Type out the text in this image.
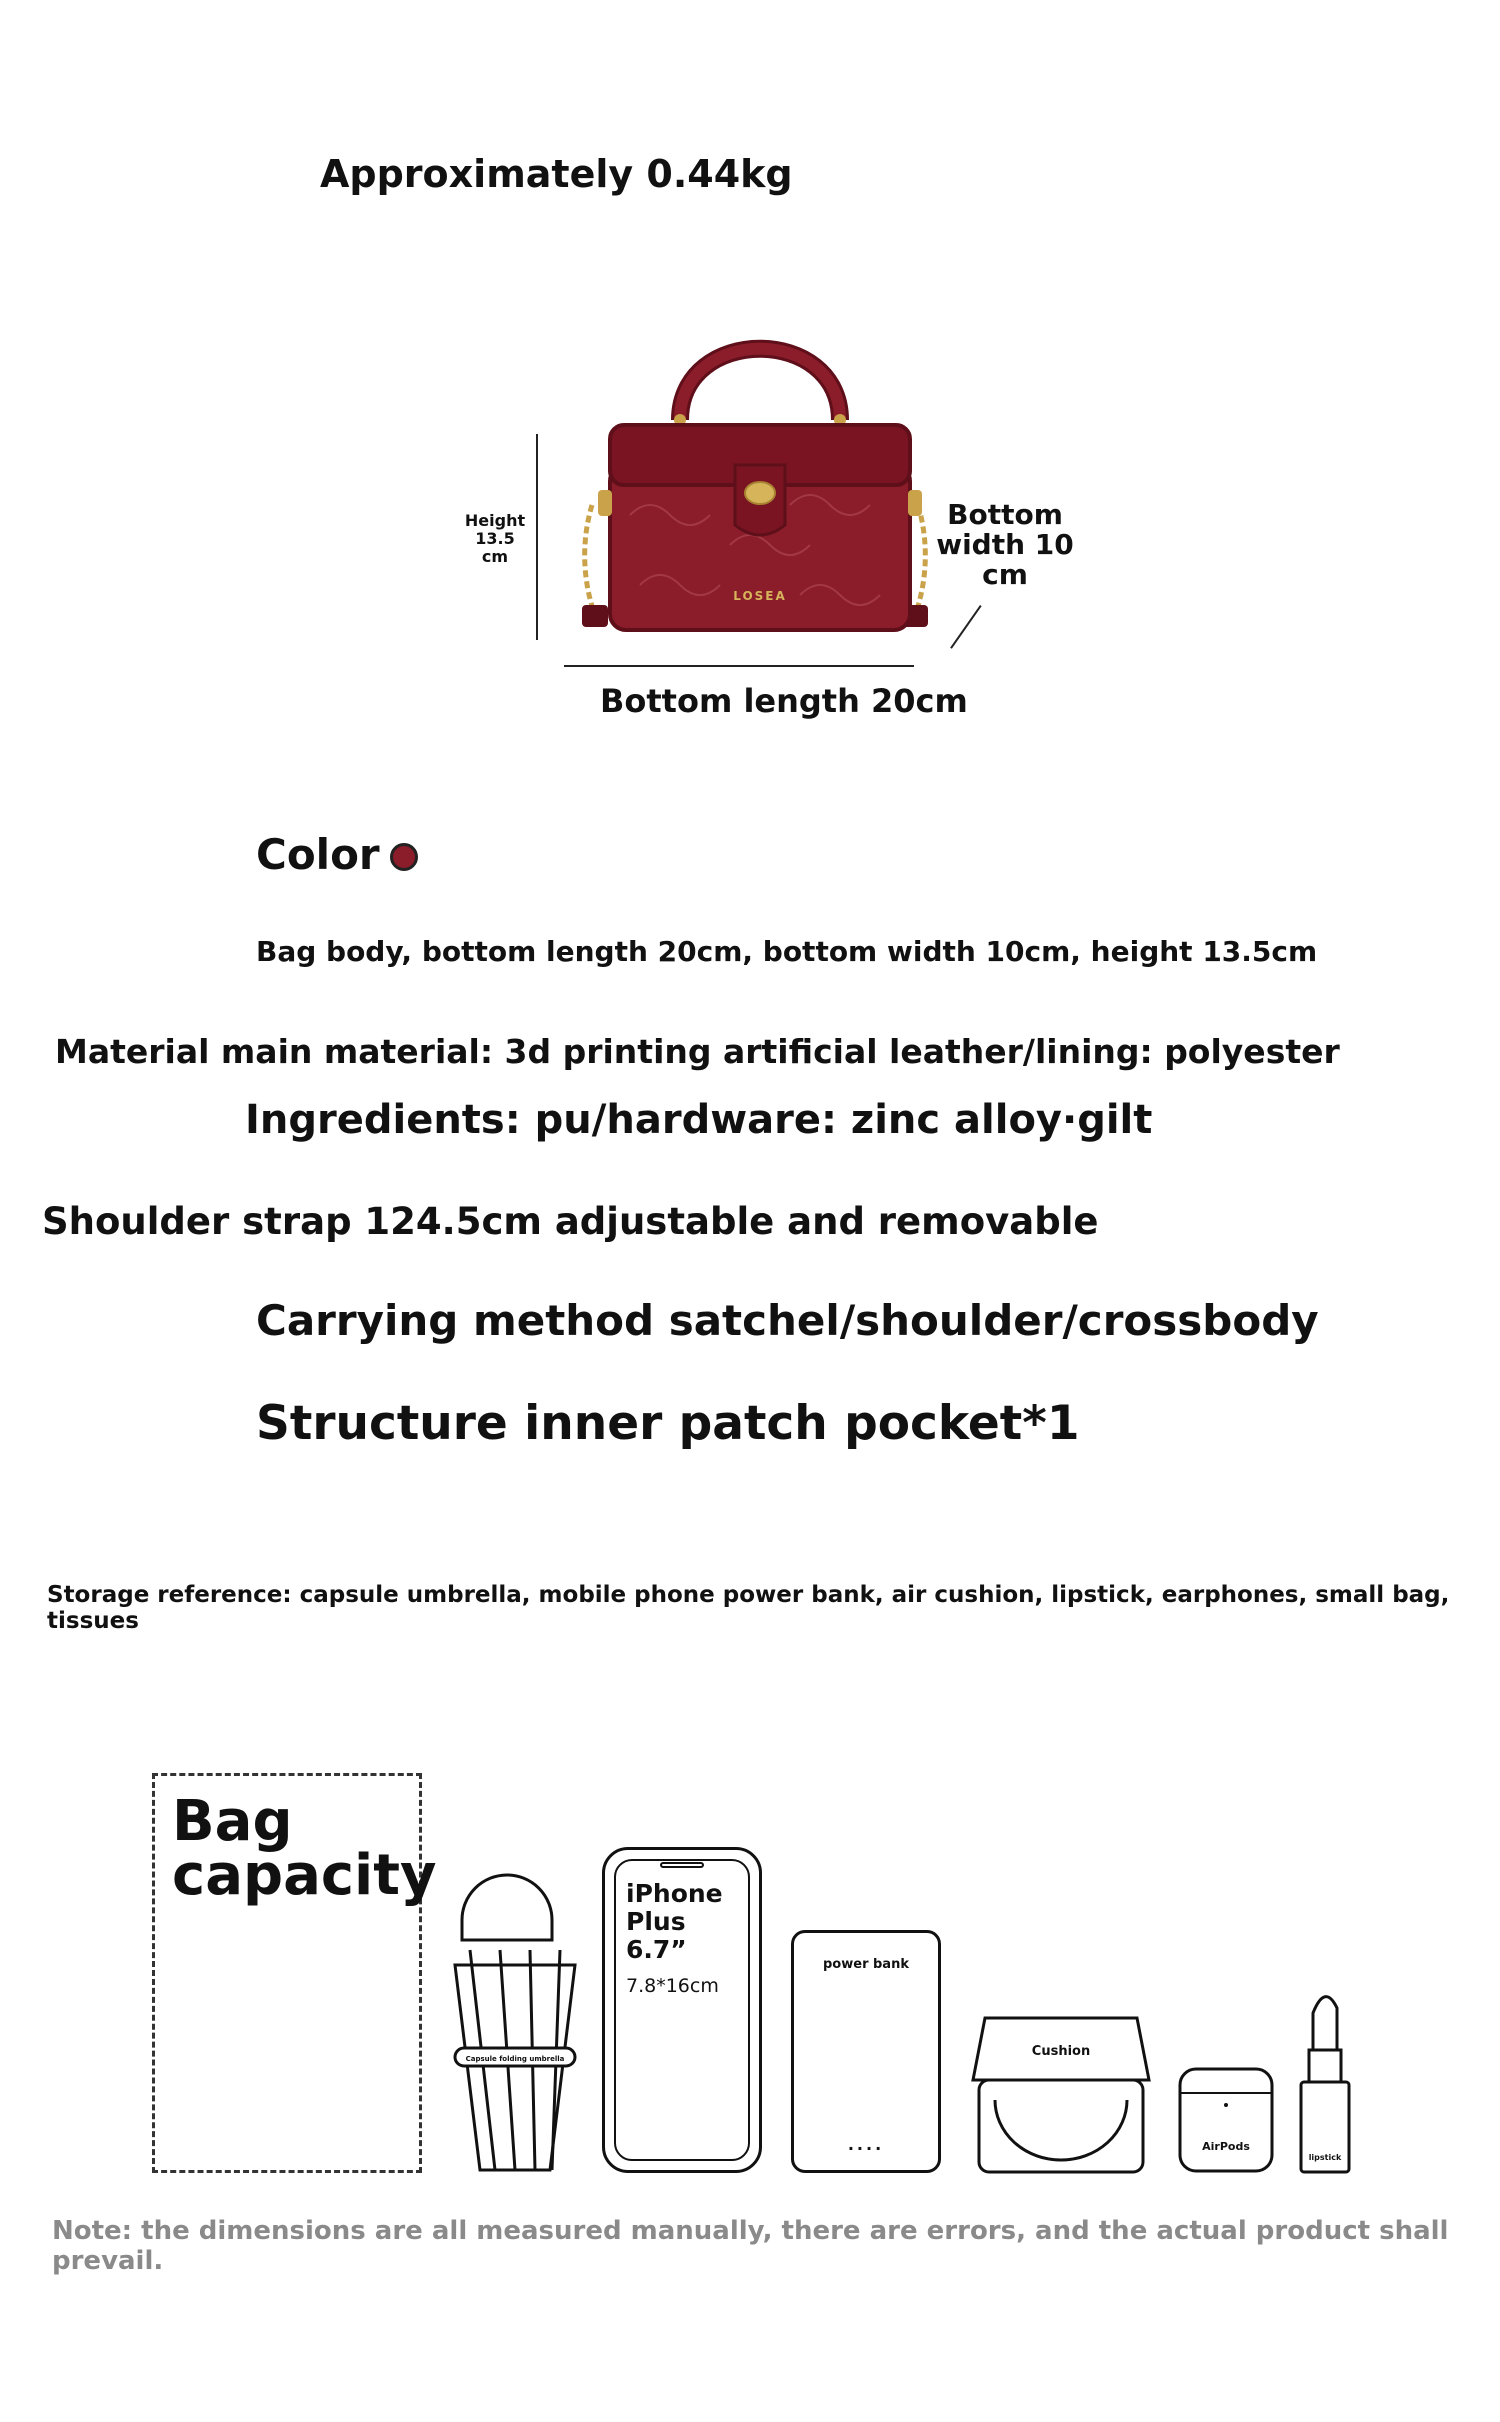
Approximately 0.44kg
Height
13.5
cm
Bottom
width 10
cm
Bottom length 20cm
LOSEA
Color
Bag body, bottom length 20cm, bottom width 10cm, height 13.5cm
Material main material: 3d printing artificial leather/lining: polyester
Ingredients: pu/hardware: zinc alloy·gilt
Shoulder strap 124.5cm adjustable and removable
Carrying method satchel/shoulder/crossbody
Structure inner patch pocket*1
Storage reference: capsule umbrella, mobile phone power bank, air cushion, lipstick, earphones, small bag, tissues
Bag
capacity
Capsule folding umbrella
iPhone
Plus
6.7”
7.8*16cm
power bank
....
Cushion
AirPods
lipstick
Note: the dimensions are all measured manually, there are errors, and the actual product shall prevail.
